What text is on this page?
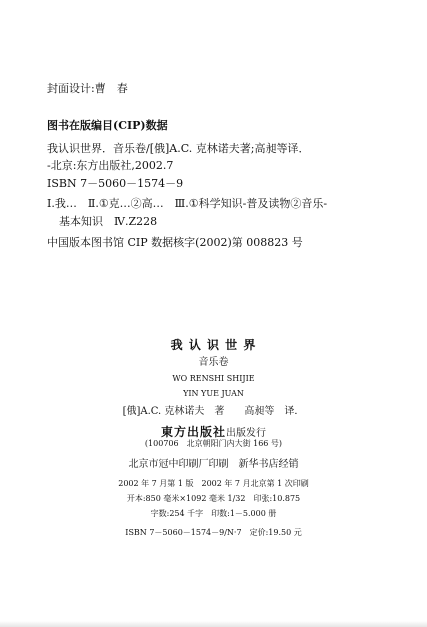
封面设计:曹　春
图书在版编目(CIP)数据
我认识世界．音乐卷/[俄]A.C. 克林诺夫著;高昶等译．
-北京:东方出版社,2002.7
ISBN 7－5060－1574－9
Ⅰ.我…　Ⅱ.①克…②高…　Ⅲ.①科学知识-普及读物②音乐-
基本知识　Ⅳ.Z228
中国版本图书馆 CIP 数据核字(2002)第 008823 号
我 认 识 世 界
音乐卷
WO RENSHI SHIJIE
YIN YUE JUAN
[俄]A.C. 克林诺夫　著　　高昶等　译．
東方出版社出版发行
(100706　北京朝阳门内大街 166 号)
北京市冠中印刷厂印刷　新华书店经销
2002 年 7 月第 1 版　2002 年 7 月北京第 1 次印刷
开本:850 毫米×1092 毫米 1/32　印张:10.875
字数:254 千字　印数:1－5.000 册
ISBN 7－5060－1574－9/N·7　定价:19.50 元
